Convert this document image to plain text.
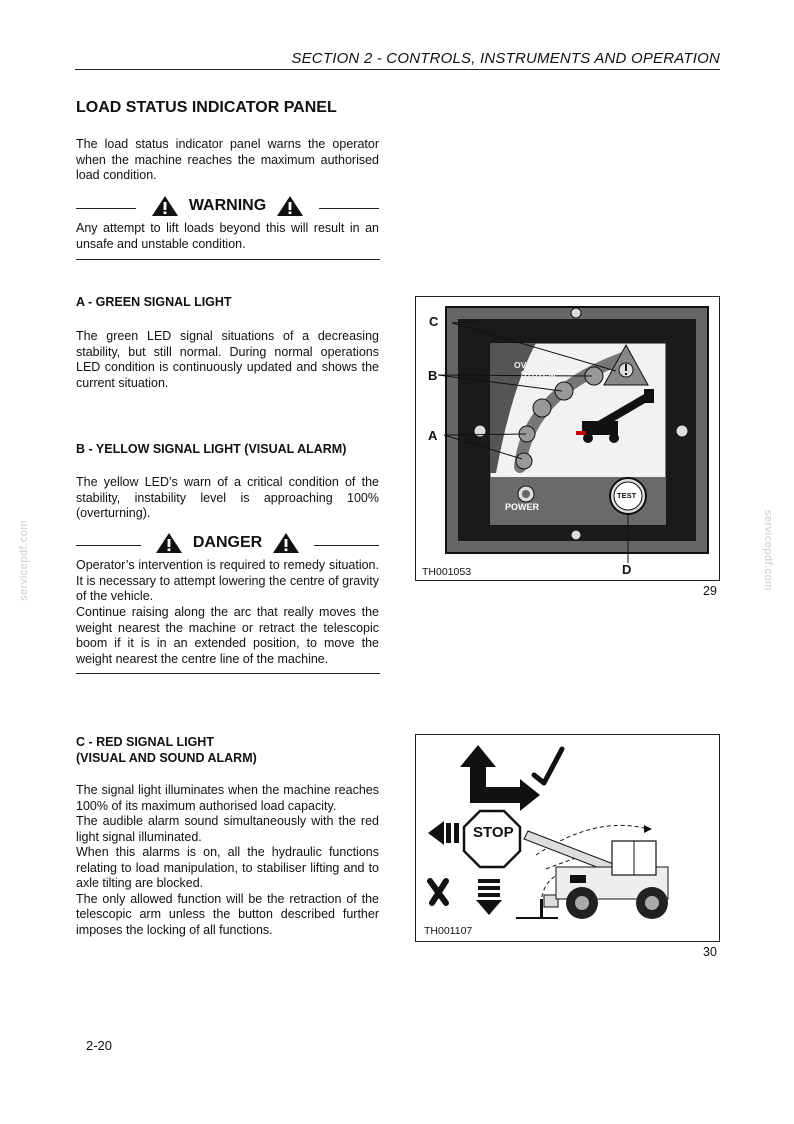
SECTION 2 - CONTROLS, INSTRUMENTS AND OPERATION
LOAD STATUS INDICATOR PANEL
The load status indicator panel warns the operator when the machine reaches the maximum authorised load condition.
WARNING
Any attempt to lift loads beyond this will result in an unsafe and unstable condition.
A - GREEN SIGNAL LIGHT
The green LED signal situations of a decreasing stability, but still normal. During normal operations LED condition is continuously updated and shows the current situation.
B - YELLOW SIGNAL LIGHT (VISUAL ALARM)
The yellow LED’s warn of a critical condition of the stability, instability level is approaching 100% (overturning).
DANGER
Operator’s intervention is required to remedy situation. It is necessary to attempt lowering the centre of gravity of the vehicle.
Continue raising along the arc that really moves the weight nearest the machine or retract the telescopic boom if it is in an extended position, to move the weight nearest the centre line of the machine.
C - RED SIGNAL LIGHT
(VISUAL AND SOUND ALARM)
The signal light illuminates when the machine reaches 100% of its maximum authorised load capacity.
The audible alarm sound simultaneously with the red light signal illuminated.
When this alarms is on, all the hydraulic functions relating to load manipulation, to stabiliser lifting and to axle tilting are blocked.
The only allowed function will be the retraction of the telescopic arm unless the button described further imposes the locking of all functions.
C
B
A
D
OVERLOAD
SYSTEM
POWER
TEST
TH001053
29
STOP
TH001107
30
servicepdf.com	servicepdf.com
2-20
